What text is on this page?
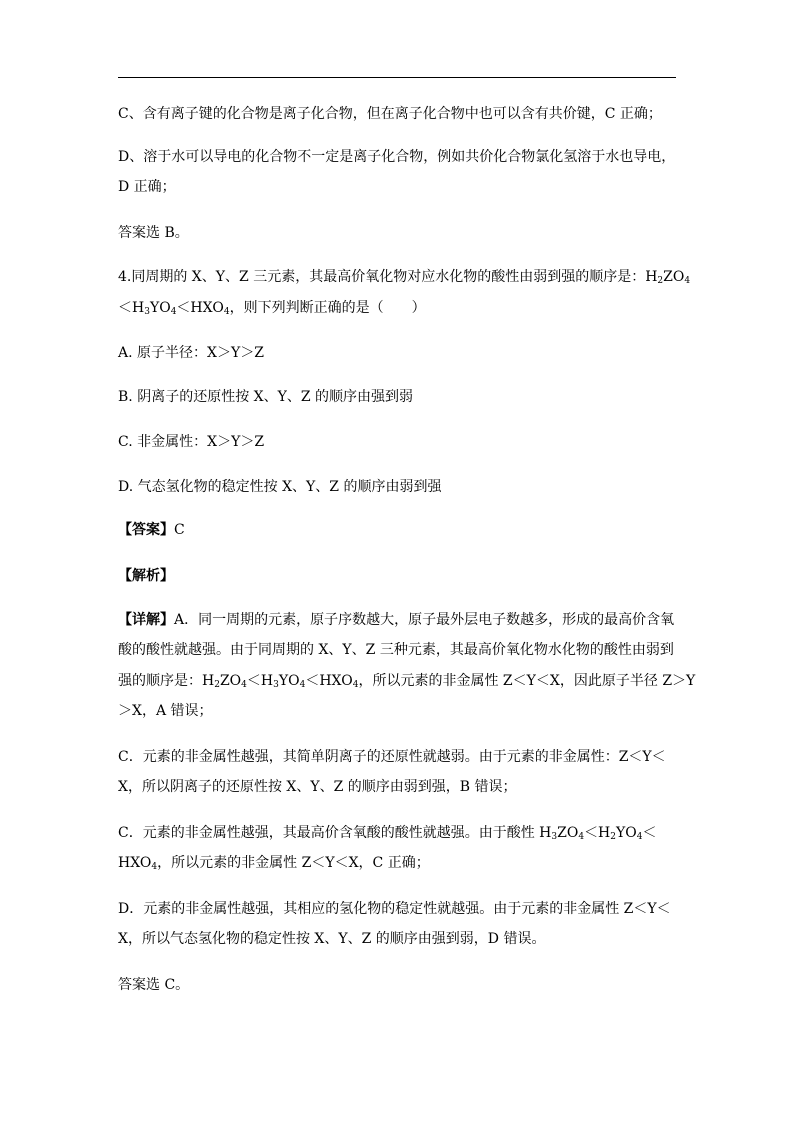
C、含有离子键的化合物是离子化合物，但在离子化合物中也可以含有共价键，C 正确；
D、溶于水可以导电的化合物不一定是离子化合物，例如共价化合物氯化氢溶于水也导电，
D 正确；
答案选 B。
4.同周期的 X、Y、Z 三元素，其最高价氧化物对应水化物的酸性由弱到强的顺序是：$H_2ZO_4$
$<H_3YO_4<HXO_4$，则下列判断正确的是（　　）
A. 原子半径：X＞Y＞Z
B. 阴离子的还原性按 X、Y、Z 的顺序由强到弱
C. 非金属性：X＞Y＞Z
D. 气态氢化物的稳定性按 X、Y、Z 的顺序由弱到强
【答案】C
【解析】
【详解】A．同一周期的元素，原子序数越大，原子最外层电子数越多，形成的最高价含氧
酸的酸性就越强。由于同周期的 X、Y、Z 三种元素，其最高价氧化物水化物的酸性由弱到
强的顺序是：$H_2ZO_4<H_3YO_4<HXO_4$，所以元素的非金属性 Z＜Y＜X，因此原子半径 Z＞Y
＞X，A 错误；
C．元素的非金属性越强，其简单阴离子的还原性就越弱。由于元素的非金属性：Z＜Y＜
X，所以阴离子的还原性按 X、Y、Z 的顺序由弱到强，B 错误；
C．元素的非金属性越强，其最高价含氧酸的酸性就越强。由于酸性 $H_3ZO_4<H_2YO_4<$
$HXO_4$，所以元素的非金属性 Z＜Y＜X，C 正确；
D．元素的非金属性越强，其相应的氢化物的稳定性就越强。由于元素的非金属性 Z＜Y＜
X，所以气态氢化物的稳定性按 X、Y、Z 的顺序由强到弱，D 错误。
答案选 C。
